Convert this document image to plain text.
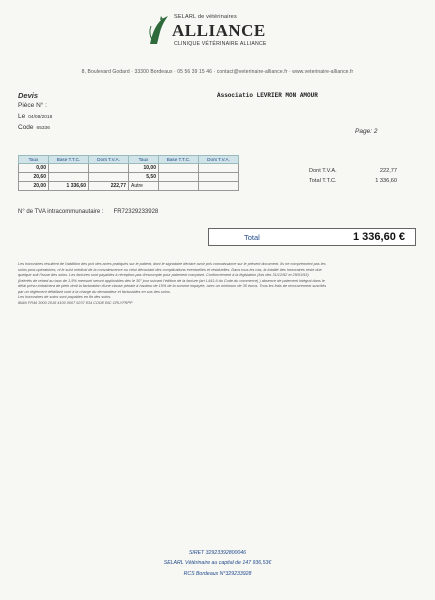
SELARL de vétérinaires
ALLIANCE
CLINIQUE VÉTÉRINAIRE ALLIANCE
8, Boulevard Godard · 33300 Bordeaux · 05 56 39 15 46 · contact@veterinaire-alliance.fr · www.veterinaire-alliance.fr
Devis	Associatio LEVRIER MON AMOUR
Pièce N° :
Le 04/08/2018
Code 65336	Page: 2
Taux	Base T.T.C.	Dont T.V.A.	Taux	Base T.T.C.	Dont T.V.A.
0,00			10,00		
20,60			5,50		
20,00	1 336,60	222,77	Autre		
Dont T.V.A.	222,77
Total T.T.C.	1 336,60
N° de TVA intracommunautaire : FR72329233928
Total	1 336,60 €

Les honoraires résultent de l'addition des prix des actes pratiqués sur le patient, dont le signataire déclare avoir pris connaissance sur le présent document. Ils ne comprennent pas les

soins post-opératoires, ni le suivi médical de la convalescence ou celui découlant des complications éventuelles et résiduelles. Dans tous les cas, la totalité des honoraires reste due

quelque soit l'issue des soins. Les factures sont payables à réception-pas d'escompte pour paiement comptant. Conformément à la législation (lois des 31/12/92 et 29/01/93)

(Intérêts de retard au taux de 1,5% mensuel seront applicables dès le 30° jour suivant l'édition de la facture (art L441-6 du Code du commerce) ) absence de paiement intégral dans le

délai prévu entraînera de plein droit la facturation d'une clause pénale à hauteur de 15% de la somme impayée, avec un minimum de 35 euros. Tous les frais de recouvrement suscités

par un règlement défaillant sont à la charge du demandeur et facturables en sus des soins.

Les honoraires de soins sont payables en fin des soins.

IBAN FR46 3000 2018 4100 0007 9237 834 CODE BIC CRLYFRPP

SIRET 32923392800046
SELARL Vétérinaire au capital de 147 936,53€
RCS Bordeaux N°329233928
